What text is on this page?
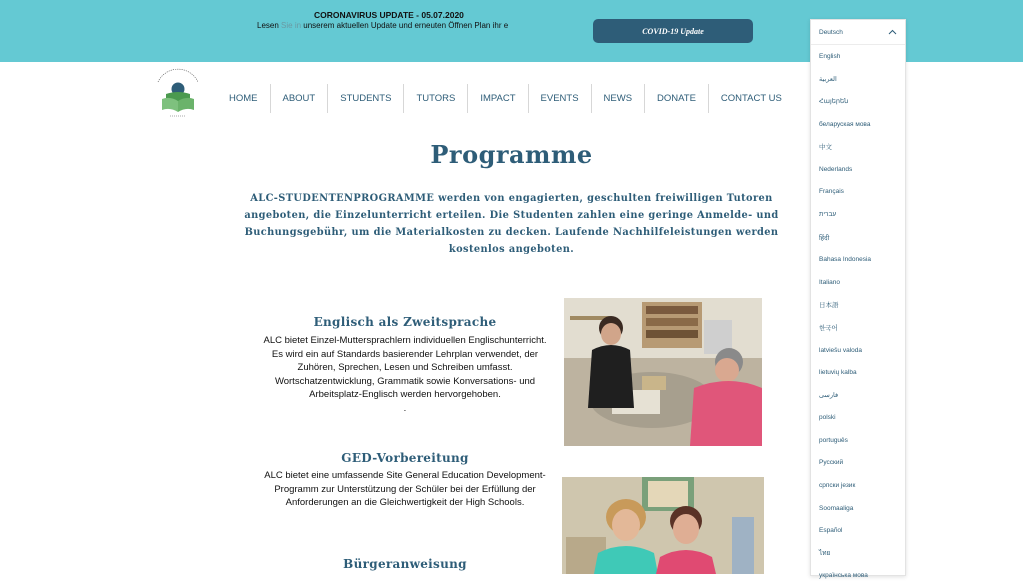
CORONAVIRUS UPDATE - 05.07.2020
Lesen Sie in unserem aktuellen Update und erneuten Öffnen Plan ihr e
COVID-19 Update
HOME	ABOUT	STUDENTS	TUTORS	IMPACT	EVENTS	NEWS	DONATE	CONTACT US
Programme

ALC-STUDENTENPROGRAMME werden von engagierten, geschulten freiwilligen Tutoren angeboten, die Einzelunterricht erteilen. Die Studenten zahlen eine geringe Anmelde- und Buchungsgebühr, um die Materialkosten zu decken. Laufende Nachhilfeleistungen werden kostenlos angeboten.

Englisch als Zweitsprache

ALC bietet Einzel-Muttersprachlern individuellen Englischunterricht. Es wird ein auf Standards basierender Lehrplan verwendet, der Zuhören, Sprechen, Lesen und Schreiben umfasst. Wortschatzentwicklung, Grammatik sowie Konversations- und Arbeitsplatz-Englisch werden hervorgehoben.
.

GED-Vorbereitung

ALC bietet eine umfassende Site General Education Development-Programm zur Unterstützung der Schüler bei der Erfüllung der Anforderungen an die Gleichwertigkeit der High Schools.

Bürgeranweisung
Deutsch
English
العربية
Հայերեն
беларуская мова
中文
Nederlands
Français
עברית
हिंदी
Bahasa Indonesia
Italiano
日本語
한국어
latviešu valoda
lietuvių kalba
فارسی
polski
português
Русский
српски језик
Soomaaliga
Español
ไทย
українська мова
